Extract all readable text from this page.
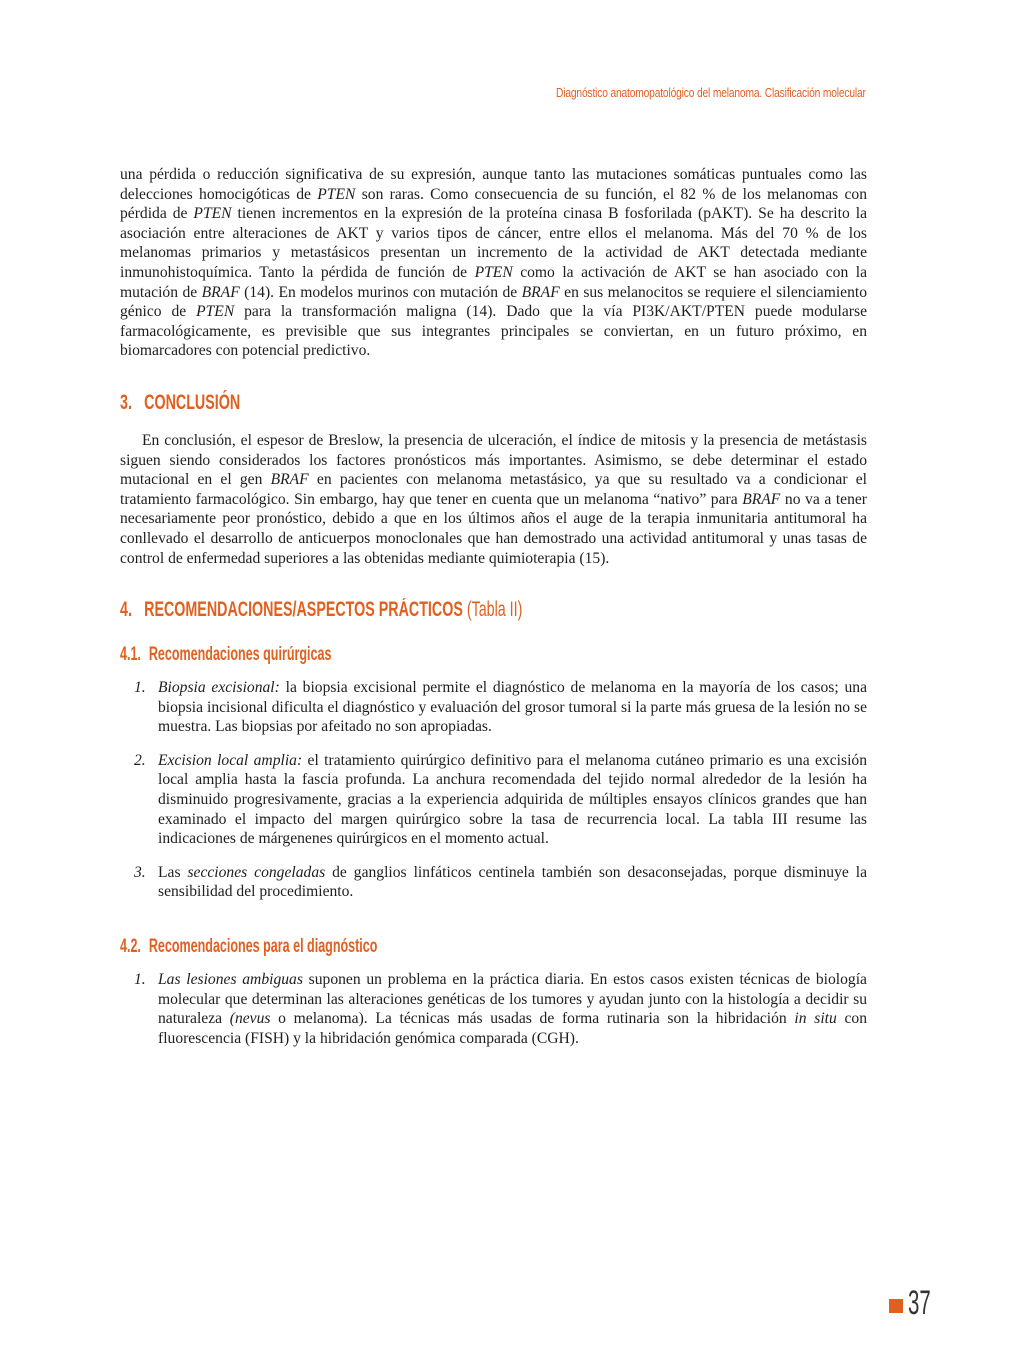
Diagnóstico anatomopatológico del melanoma. Clasificación molecular

una pérdida o reducción significativa de su expresión, aunque tanto las mutaciones somáticas puntuales como las delecciones homocigóticas de PTEN son raras. Como consecuencia de su función, el 82 % de los melanomas con pérdida de PTEN tienen incrementos en la expresión de la proteína cinasa B fosforilada (pAKT). Se ha descrito la asociación entre alteraciones de AKT y varios tipos de cáncer, entre ellos el melanoma. Más del 70 % de los melanomas primarios y metastásicos presentan un incremento de la actividad de AKT detectada mediante inmunohistoquímica. Tanto la pérdida de función de PTEN como la activación de AKT se han asociado con la mutación de BRAF (14). En modelos murinos con mutación de BRAF en sus melanocitos se requiere el silenciamiento génico de PTEN para la transformación maligna (14). Dado que la vía PI3K/AKT/PTEN puede modularse farmacológicamente, es previsible que sus integrantes principales se conviertan, en un futuro próximo, en biomarcadores con potencial predictivo.

3. CONCLUSIÓN

En conclusión, el espesor de Breslow, la presencia de ulceración, el índice de mitosis y la presencia de metástasis siguen siendo considerados los factores pronósticos más importantes. Asimismo, se debe determinar el estado mutacional en el gen BRAF en pacientes con melanoma metastásico, ya que su resultado va a condicionar el tratamiento farmacológico. Sin embargo, hay que tener en cuenta que un melanoma “nativo” para BRAF no va a tener necesariamente peor pronóstico, debido a que en los últimos años el auge de la terapia inmunitaria antitumoral ha conllevado el desarrollo de anticuerpos monoclonales que han demostrado una actividad antitumoral y unas tasas de control de enfermedad superiores a las obtenidas mediante quimioterapia (15).

4. RECOMENDACIONES/ASPECTOS PRÁCTICOS (Tabla II)
4.1. Recomendaciones quirúrgicas
1. Biopsia excisional: la biopsia excisional permite el diagnóstico de melanoma en la mayoría de los casos; una biopsia incisional dificulta el diagnóstico y evaluación del grosor tumoral si la parte más gruesa de la lesión no se muestra. Las biopsias por afeitado no son apropiadas.

2. Excision local amplia: el tratamiento quirúrgico definitivo para el melanoma cutáneo primario es una excisión local amplia hasta la fascia profunda. La anchura recomendada del tejido normal alrededor de la lesión ha disminuido progresivamente, gracias a la experiencia adquirida de múltiples ensayos clínicos grandes que han examinado el impacto del margen quirúrgico sobre la tasa de recurrencia local. La tabla III resume las indicaciones de márgenenes quirúrgicos en el momento actual.

3. Las secciones congeladas de ganglios linfáticos centinela también son desaconsejadas, porque disminuye la sensibilidad del procedimiento.

4.2. Recomendaciones para el diagnóstico
1. Las lesiones ambiguas suponen un problema en la práctica diaria. En estos casos existen técnicas de biología molecular que determinan las alteraciones genéticas de los tumores y ayudan junto con la histología a decidir su naturaleza (nevus o melanoma). La técnicas más usadas de forma rutinaria son la hibridación in situ con fluorescencia (FISH) y la hibridación genómica comparada (CGH).

37
